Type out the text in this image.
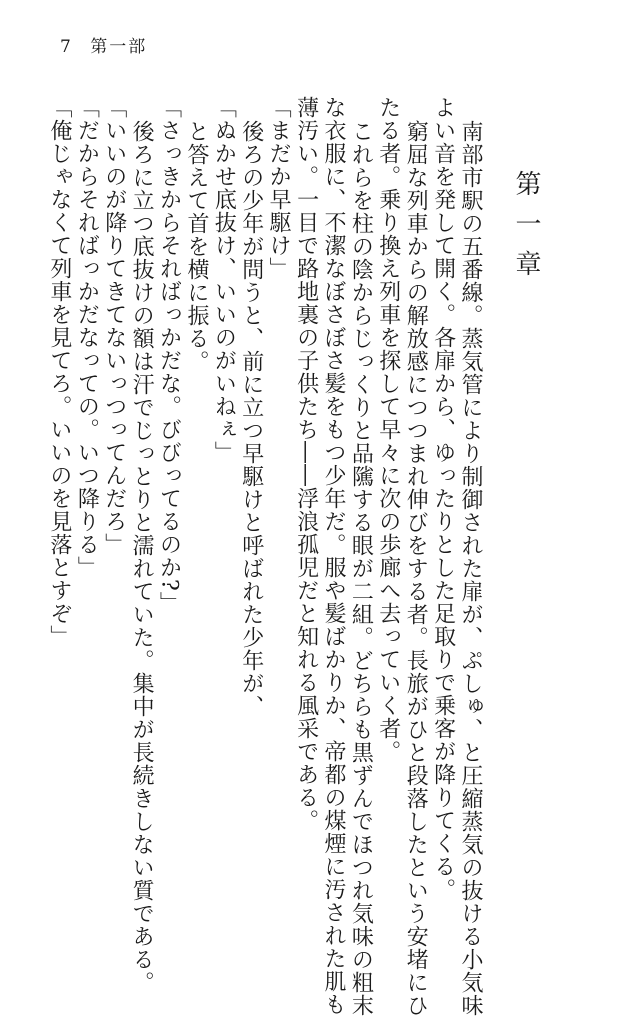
7 第一部
第一章
南部市駅の五番線。蒸気管により制御された扉が、ぷしゅ、と圧縮蒸気の抜ける小気味
よい音を発して開く。各扉から、ゆったりとした足取りで乗客が降りてくる。
窮屈な列車からの解放感につつまれ伸びをする者。長旅がひと段落したという安堵にひ
たる者。乗り換え列車を探して早々に次の歩廊へ去っていく者。
これらを柱の陰からじっくりと品隲する眼が二組。どちらも黒ずんでほつれ気味の粗末
な衣服に、不潔なぼさぼさ髪をもつ少年だ。服や髪ばかりか、帝都の煤煙に汚された肌も
薄汚い。一目で路地裏の子供たち――浮浪孤児だと知れる風采である。
「まだか早駆け」
後ろの少年が問うと、前に立つ早駆けと呼ばれた少年が、
「ぬかせ底抜け、いいのがいねぇ」
と答えて首を横に振る。
「さっきからそればっかだな。びびってるのか?」
後ろに立つ底抜けの額は汗でじっとりと濡れていた。集中が長続きしない質である。
「いいのが降りてきてないっつってんだろ」
「だからそればっかだなっての。いつ降りる」
「俺じゃなくて列車を見てろ。いいのを見落とすぞ」
